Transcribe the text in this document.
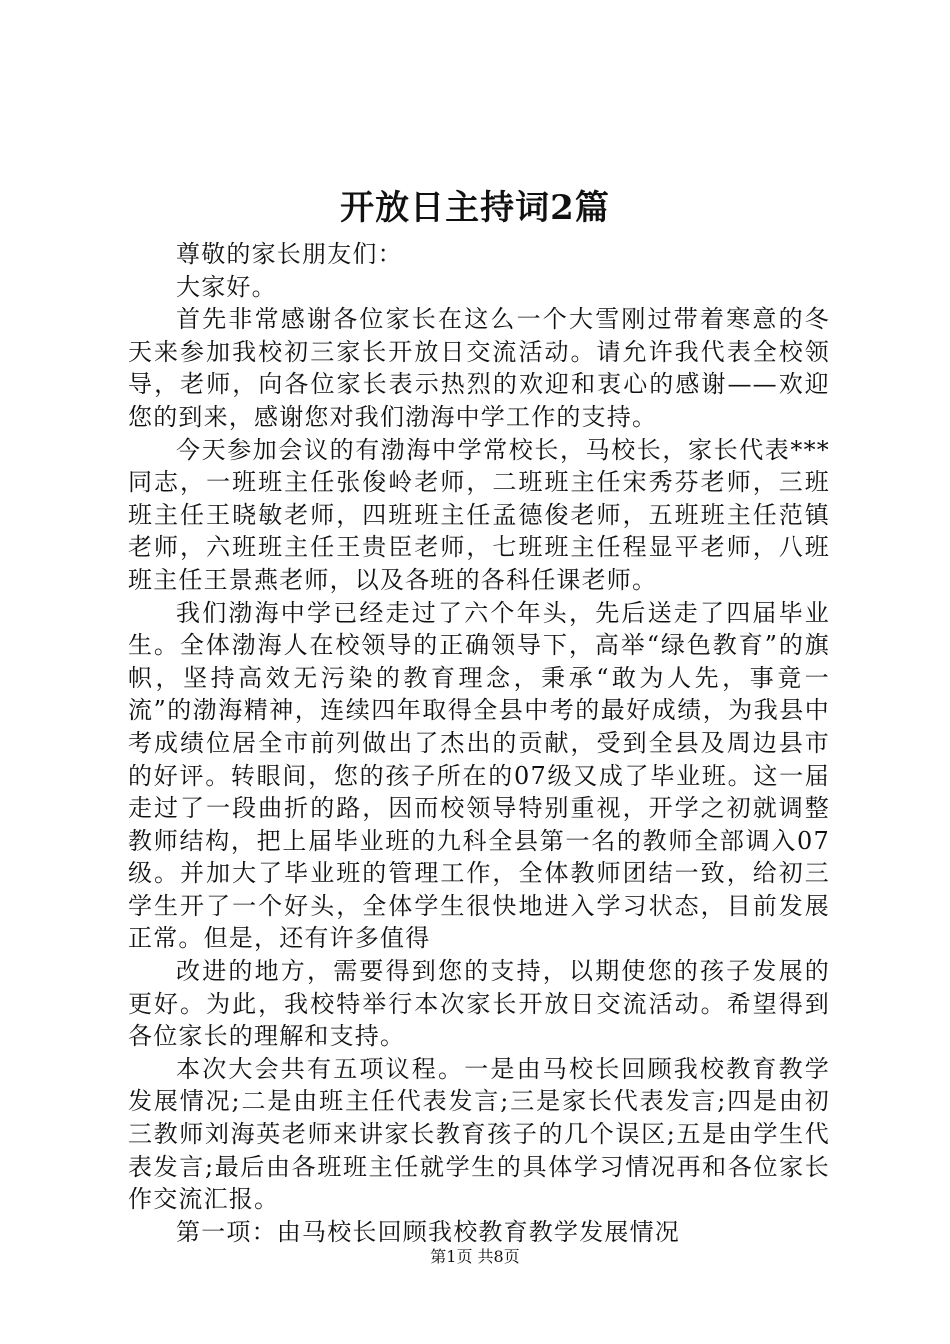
开放日主持词2篇

尊敬的家长朋友们：

大家好。

首先非常感谢各位家长在这么一个大雪刚过带着寒意的冬天来参加我校初三家长开放日交流活动。请允许我代表全校领导，老师，向各位家长表示热烈的欢迎和衷心的感谢——欢迎您的到来，感谢您对我们渤海中学工作的支持。

今天参加会议的有渤海中学常校长，马校长，家长代表***同志，一班班主任张俊岭老师，二班班主任宋秀芬老师，三班班主任王晓敏老师，四班班主任孟德俊老师，五班班主任范镇老师，六班班主任王贵臣老师，七班班主任程显平老师，八班班主任王景燕老师，以及各班的各科任课老师。

我们渤海中学已经走过了六个年头，先后送走了四届毕业生。全体渤海人在校领导的正确领导下，高举“绿色教育”的旗帜，坚持高效无污染的教育理念，秉承“敢为人先，事竟一流”的渤海精神，连续四年取得全县中考的最好成绩，为我县中考成绩位居全市前列做出了杰出的贡献，受到全县及周边县市的好评。转眼间，您的孩子所在的07级又成了毕业班。这一届走过了一段曲折的路，因而校领导特别重视，开学之初就调整教师结构，把上届毕业班的九科全县第一名的教师全部调入07级。并加大了毕业班的管理工作，全体教师团结一致，给初三学生开了一个好头，全体学生很快地进入学习状态，目前发展正常。但是，还有许多值得

改进的地方，需要得到您的支持，以期使您的孩子发展的更好。为此，我校特举行本次家长开放日交流活动。希望得到各位家长的理解和支持。

本次大会共有五项议程。一是由马校长回顾我校教育教学发展情况;二是由班主任代表发言;三是家长代表发言;四是由初三教师刘海英老师来讲家长教育孩子的几个误区;五是由学生代表发言;最后由各班班主任就学生的具体学习情况再和各位家长作交流汇报。

第一项：由马校长回顾我校教育教学发展情况

第1页 共8页
